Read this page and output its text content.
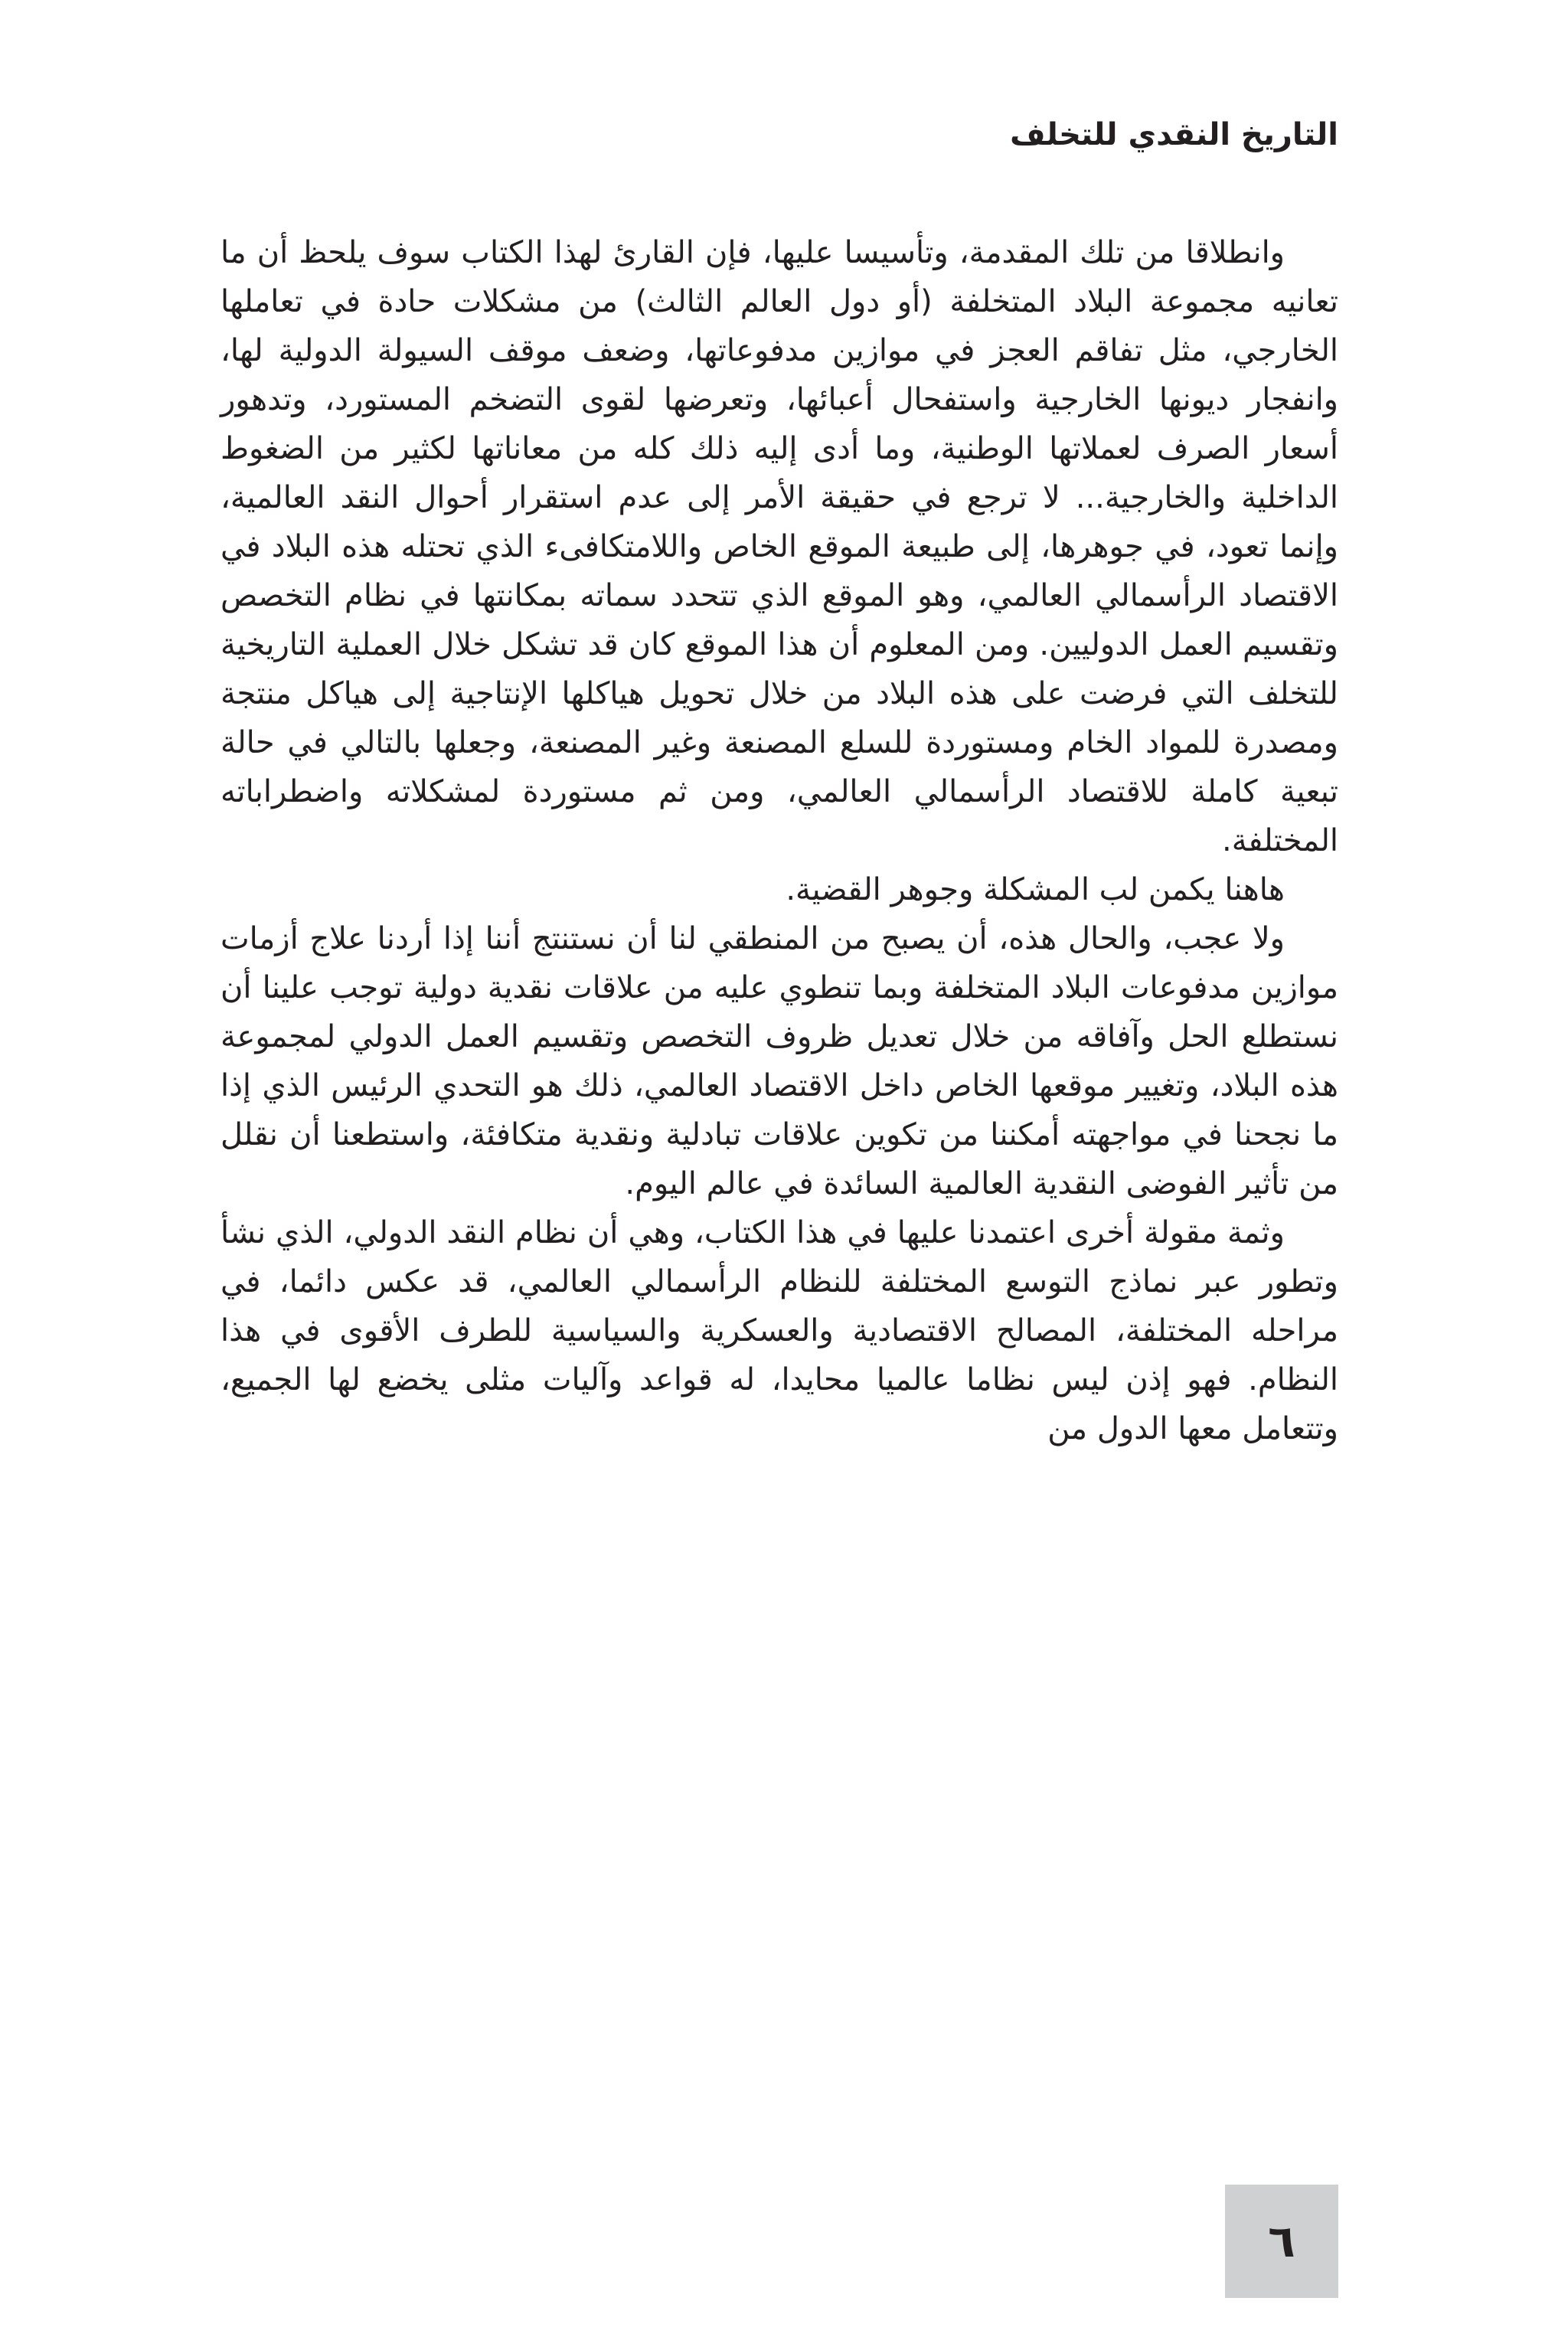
التاريخ النقدي للتخلف

وانطلاقا من تلك المقدمة، وتأسيسا عليها، فإن القارئ لهذا الكتاب سوف يلحظ أن ما تعانيه مجموعة البلاد المتخلفة (أو دول العالم الثالث) من مشكلات حادة في تعاملها الخارجي، مثل تفاقم العجز في موازين مدفوعاتها، وضعف موقف السيولة الدولية لها، وانفجار ديونها الخارجية واستفحال أعبائها، وتعرضها لقوى التضخم المستورد، وتدهور أسعار الصرف لعملاتها الوطنية، وما أدى إليه ذلك كله من معاناتها لكثير من الضغوط الداخلية والخارجية... لا ترجع في حقيقة الأمر إلى عدم استقرار أحوال النقد العالمية، وإنما تعود، في جوهرها، إلى طبيعة الموقع الخاص واللامتكافىء الذي تحتله هذه البلاد في الاقتصاد الرأسمالي العالمي، وهو الموقع الذي تتحدد سماته بمكانتها في نظام التخصص وتقسيم العمل الدوليين. ومن المعلوم أن هذا الموقع كان قد تشكل خلال العملية التاريخية للتخلف التي فرضت على هذه البلاد من خلال تحويل هياكلها الإنتاجية إلى هياكل منتجة ومصدرة للمواد الخام ومستوردة للسلع المصنعة وغير المصنعة، وجعلها بالتالي في حالة تبعية كاملة للاقتصاد الرأسمالي العالمي، ومن ثم مستوردة لمشكلاته واضطراباته المختلفة.

هاهنا يكمن لب المشكلة وجوهر القضية.

ولا عجب، والحال هذه، أن يصبح من المنطقي لنا أن نستنتج أننا إذا أردنا علاج أزمات موازين مدفوعات البلاد المتخلفة وبما تنطوي عليه من علاقات نقدية دولية توجب علينا أن نستطلع الحل وآفاقه من خلال تعديل ظروف التخصص وتقسيم العمل الدولي لمجموعة هذه البلاد، وتغيير موقعها الخاص داخل الاقتصاد العالمي، ذلك هو التحدي الرئيس الذي إذا ما نجحنا في مواجهته أمكننا من تكوين علاقات تبادلية ونقدية متكافئة، واستطعنا أن نقلل من تأثير الفوضى النقدية العالمية السائدة في عالم اليوم.

وثمة مقولة أخرى اعتمدنا عليها في هذا الكتاب، وهي أن نظام النقد الدولي، الذي نشأ وتطور عبر نماذج التوسع المختلفة للنظام الرأسمالي العالمي، قد عكس دائما، في مراحله المختلفة، المصالح الاقتصادية والعسكرية والسياسية للطرف الأقوى في هذا النظام. فهو إذن ليس نظاما عالميا محايدا، له قواعد وآليات مثلى يخضع لها الجميع، وتتعامل معها الدول من

٦
